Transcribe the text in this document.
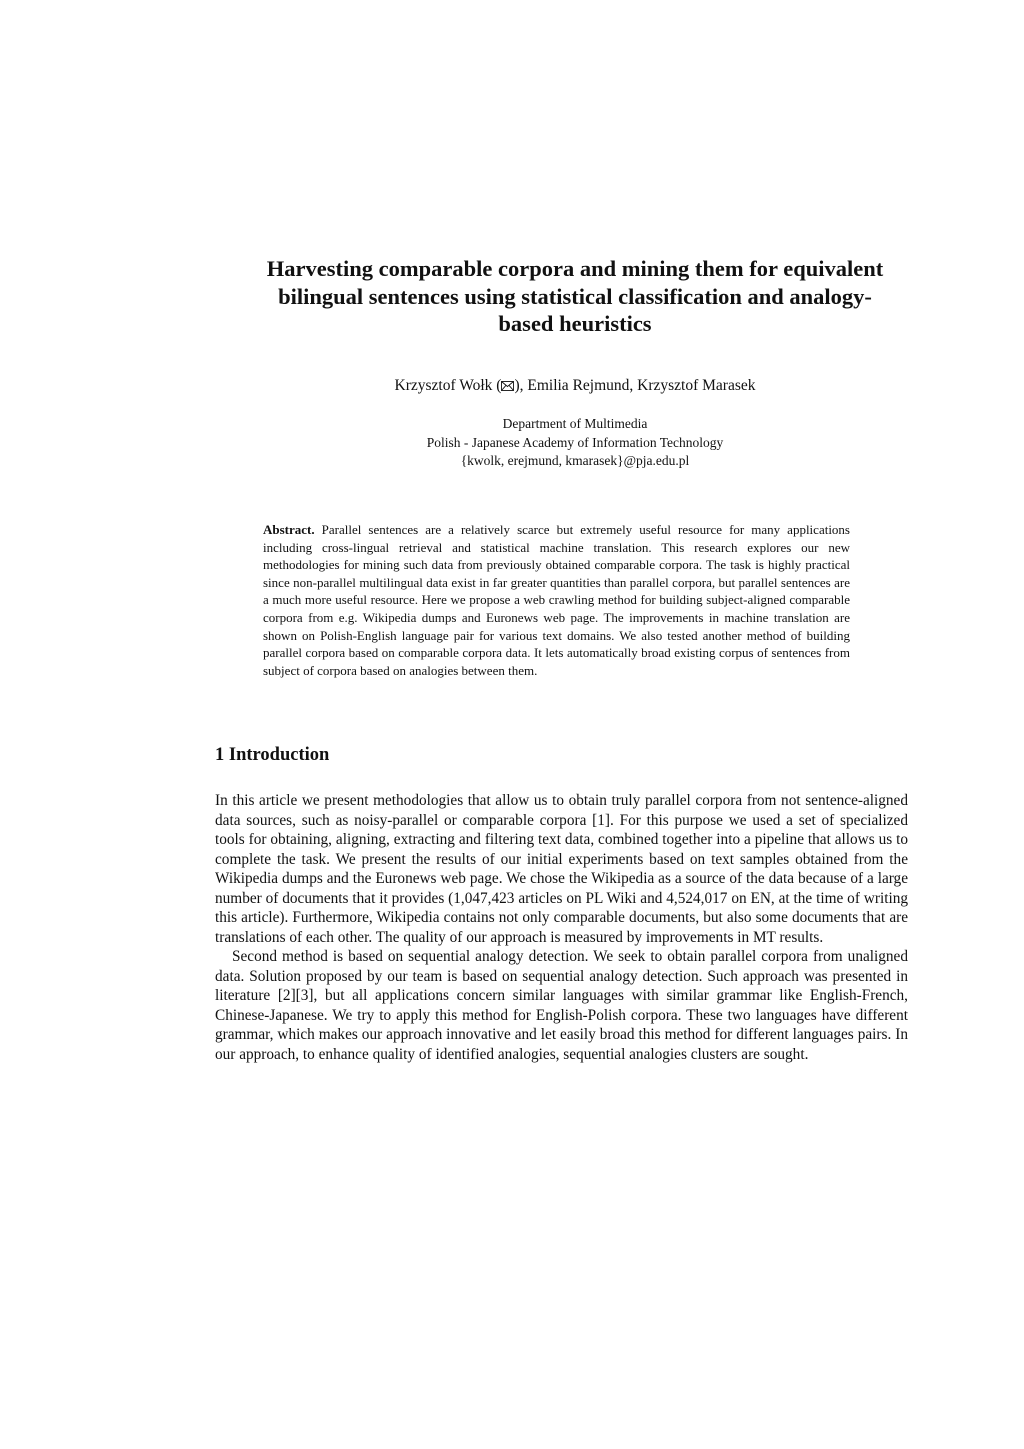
Harvesting comparable corpora and mining them for equivalent
bilingual sentences using statistical classification and analogy-
based heuristics
Krzysztof Wołk ( ), Emilia Rejmund, Krzysztof Marasek
Department of Multimedia
Polish - Japanese Academy of Information Technology
{kwolk, erejmund, kmarasek}@pja.edu.pl

Abstract. Parallel sentences are a relatively scarce but extremely useful resource for many applications including cross-lingual retrieval and statistical machine translation. This research explores our new methodologies for mining such data from previously obtained comparable corpora. The task is highly practical since non-parallel multilingual data exist in far greater quantities than parallel corpora, but parallel sentences are a much more useful resource. Here we propose a web crawling method for building subject-aligned comparable corpora from e.g. Wikipedia dumps and Euronews web page. The improvements in machine translation are shown on Polish-English language pair for various text domains. We also tested another method of building parallel corpora based on comparable corpora data. It lets automatically broad existing corpus of sentences from subject of corpora based on analogies between them.

1 Introduction

In this article we present methodologies that allow us to obtain truly parallel corpora from not sentence-aligned data sources, such as noisy-parallel or comparable corpora [1]. For this purpose we used a set of specialized tools for obtaining, aligning, extracting and filtering text data, combined together into a pipeline that allows us to complete the task. We present the results of our initial experiments based on text samples obtained from the Wikipedia dumps and the Euronews web page. We chose the Wikipedia as a source of the data because of a large number of documents that it provides (1,047,423 articles on PL Wiki and 4,524,017 on EN, at the time of writing this article). Furthermore, Wikipedia contains not only comparable documents, but also some documents that are translations of each other. The quality of our approach is measured by improvements in MT results.

Second method is based on sequential analogy detection. We seek to obtain parallel corpora from unaligned data. Solution proposed by our team is based on sequential analogy detection. Such approach was presented in literature [2][3], but all applications concern similar languages with similar grammar like English-French, Chinese-Japanese. We try to apply this method for English-Polish corpora. These two languages have different grammar, which makes our approach innovative and let easily broad this method for different languages pairs. In our approach, to enhance quality of identified analogies, sequential analogies clusters are sought.
